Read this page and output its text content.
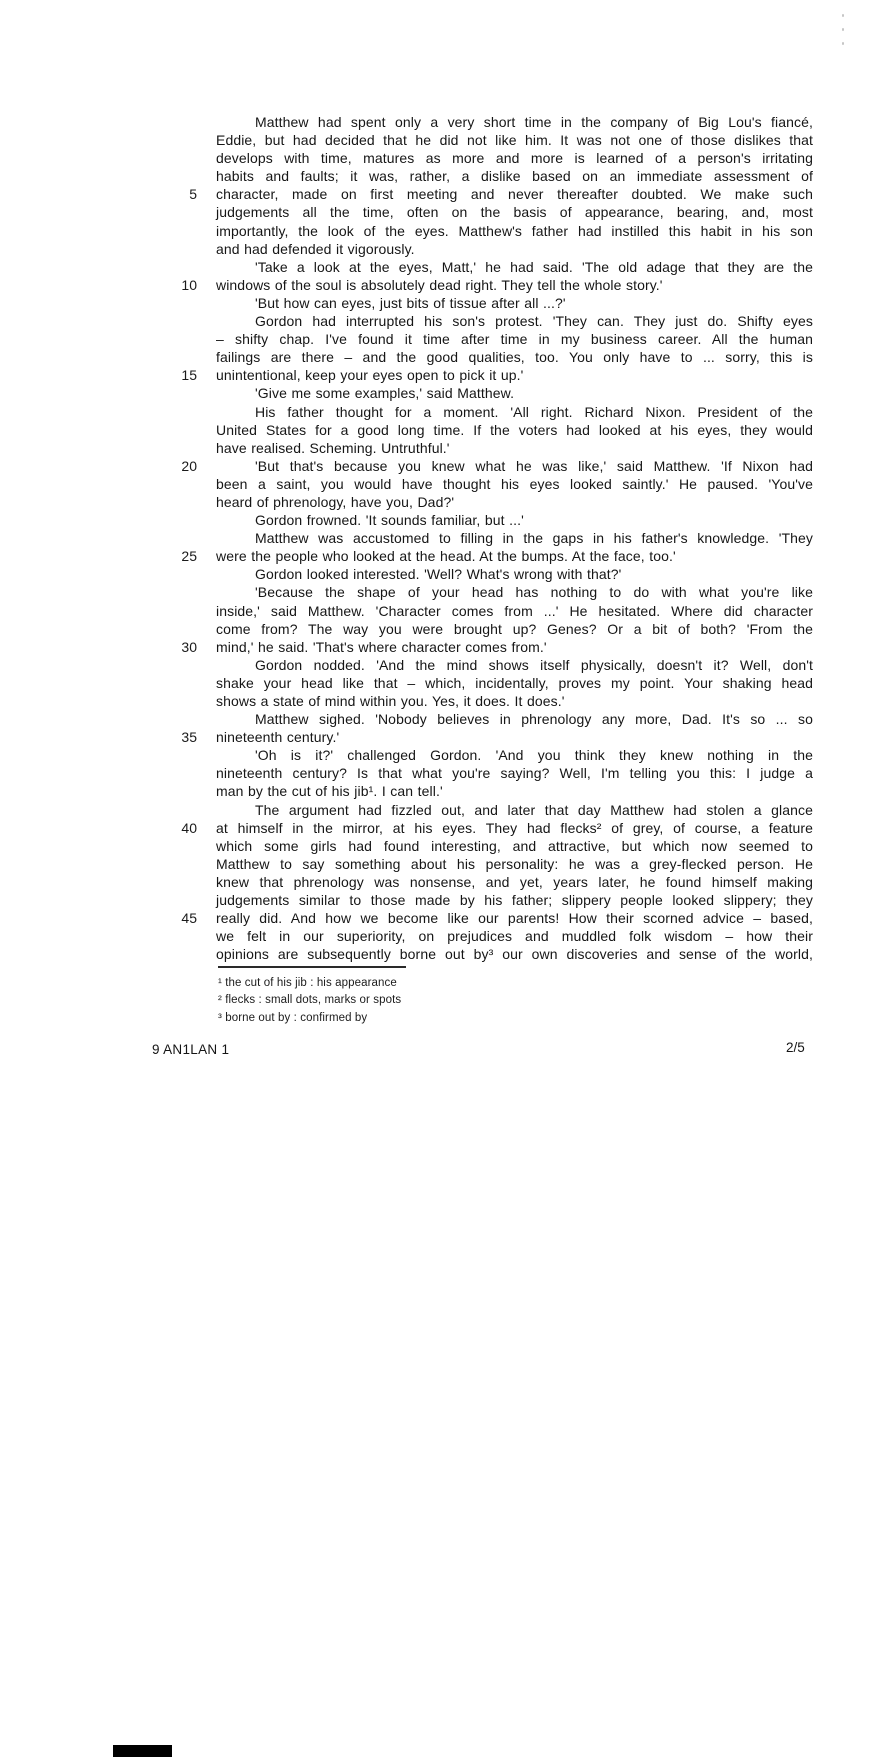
Matthew had spent only a very short time in the company of Big Lou's fiancé,
Eddie, but had decided that he did not like him. It was not one of those dislikes that
develops with time, matures as more and more is learned of a person's irritating
habits and faults; it was, rather, a dislike based on an immediate assessment of
5 character, made on first meeting and never thereafter doubted. We make such
judgements all the time, often on the basis of appearance, bearing, and, most
importantly, the look of the eyes. Matthew's father had instilled this habit in his son
and had defended it vigorously.
'Take a look at the eyes, Matt,' he had said. 'The old adage that they are the
10 windows of the soul is absolutely dead right. They tell the whole story.'
'But how can eyes, just bits of tissue after all ...?'
Gordon had interrupted his son's protest. 'They can. They just do. Shifty eyes
– shifty chap. I've found it time after time in my business career. All the human
failings are there – and the good qualities, too. You only have to ... sorry, this is
15 unintentional, keep your eyes open to pick it up.'
'Give me some examples,' said Matthew.
His father thought for a moment. 'All right. Richard Nixon. President of the
United States for a good long time. If the voters had looked at his eyes, they would
have realised. Scheming. Untruthful.'
20	'But that's because you knew what he was like,' said Matthew. 'If Nixon had
been a saint, you would have thought his eyes looked saintly.' He paused. 'You've
heard of phrenology, have you, Dad?'
Gordon frowned. 'It sounds familiar, but ...'
Matthew was accustomed to filling in the gaps in his father's knowledge. 'They
25 were the people who looked at the head. At the bumps. At the face, too.'
Gordon looked interested. 'Well? What's wrong with that?'
'Because the shape of your head has nothing to do with what you're like
inside,' said Matthew. 'Character comes from ...' He hesitated. Where did character
come from? The way you were brought up? Genes? Or a bit of both? 'From the
30 mind,' he said. 'That's where character comes from.'
Gordon nodded. 'And the mind shows itself physically, doesn't it? Well, don't
shake your head like that – which, incidentally, proves my point. Your shaking head
shows a state of mind within you. Yes, it does. It does.'
Matthew sighed. 'Nobody believes in phrenology any more, Dad. It's so ... so
35 nineteenth century.'
'Oh is it?' challenged Gordon. 'And you think they knew nothing in the
nineteenth century? Is that what you're saying? Well, I'm telling you this: I judge a
man by the cut of his jib¹. I can tell.'
The argument had fizzled out, and later that day Matthew had stolen a glance
40 at himself in the mirror, at his eyes. They had flecks² of grey, of course, a feature
which some girls had found interesting, and attractive, but which now seemed to
Matthew to say something about his personality: he was a grey-flecked person. He
knew that phrenology was nonsense, and yet, years later, he found himself making
judgements similar to those made by his father; slippery people looked slippery; they
45 really did. And how we become like our parents! How their scorned advice – based,
we felt in our superiority, on prejudices and muddled folk wisdom – how their
opinions are subsequently borne out by³ our own discoveries and sense of the world,
¹ the cut of his jib : his appearance
² flecks : small dots, marks or spots
³ borne out by : confirmed by
9 AN1LAN 1	2/5
